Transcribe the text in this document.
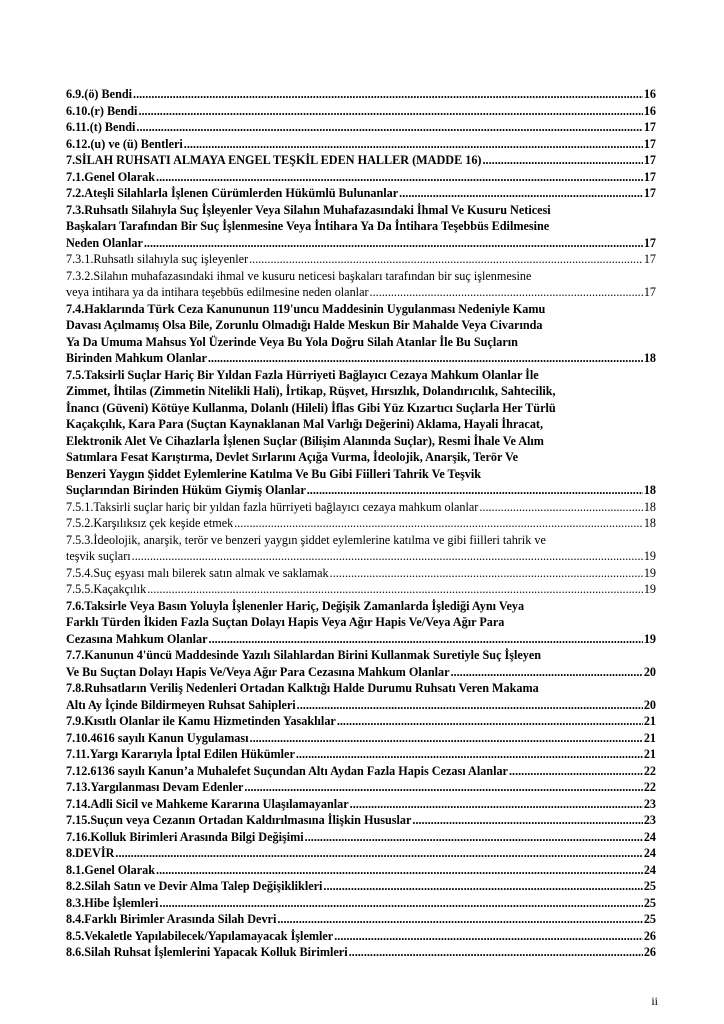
6.9.(ö) Bendi .....	16
6.10.(r) Bendi .....	16
6.11.(t) Bendi .....	17
6.12.(u) ve (ü) Bentleri .....	17
7.SİLAH RUHSATI ALMAYA ENGEL TEŞKİL EDEN HALLER (MADDE 16) .....	17
7.1.Genel Olarak .....	17
7.2.Ateşli Silahlarla İşlenen Cürümlerden Hükümlü Bulunanlar .....	17
7.3.Ruhsatlı Silahıyla Suç İşleyenler Veya Silahın Muhafazasındaki İhmal Ve Kusuru Neticesi
Başkaları Tarafından Bir Suç İşlenmesine Veya İntihara Ya Da İntihara Teşebbüs Edilmesine
Neden Olanlar .....	17
7.3.1.Ruhsatlı silahıyla suç işleyenler .....	17
7.3.2.Silahın muhafazasındaki ihmal ve kusuru neticesi başkaları tarafından bir suç işlenmesine
veya intihara ya da intihara teşebbüs edilmesine neden olanlar .....	17
7.4.Haklarında Türk Ceza Kanununun 119'uncu Maddesinin Uygulanması Nedeniyle Kamu
Davası Açılmamış Olsa Bile, Zorunlu Olmadığı Halde Meskun Bir Mahalde Veya Civarında
Ya Da Umuma Mahsus Yol Üzerinde Veya Bu Yola Doğru Silah Atanlar İle Bu Suçların
Birinden Mahkum Olanlar .....	18
7.5.Taksirli Suçlar Hariç Bir Yıldan Fazla Hürriyeti Bağlayıcı Cezaya Mahkum Olanlar İle
Zimmet, İhtilas (Zimmetin Nitelikli Hali), İrtikap, Rüşvet, Hırsızlık, Dolandırıcılık, Sahtecilik,
İnancı (Güveni) Kötüye Kullanma, Dolanlı (Hileli) İflas Gibi Yüz Kızartıcı Suçlarla Her Türlü
Kaçakçılık, Kara Para (Suçtan Kaynaklanan Mal Varlığı Değerini) Aklama, Hayali İhracat,
Elektronik Alet Ve Cihazlarla İşlenen Suçlar (Bilişim Alanında Suçlar), Resmi İhale Ve Alım
Satımlara Fesat Karıştırma, Devlet Sırlarını Açığa Vurma, İdeolojik, Anarşik, Terör Ve
Benzeri Yaygın Şiddet Eylemlerine Katılma Ve Bu Gibi Fiilleri Tahrik Ve Teşvik
Suçlarından Birinden Hüküm Giymiş Olanlar .....	18
7.5.1.Taksirli suçlar hariç bir yıldan fazla hürriyeti bağlayıcı cezaya mahkum olanlar .....	18
7.5.2.Karşılıksız çek keşide etmek .....	18
7.5.3.İdeolojik, anarşik, terör ve benzeri yaygın şiddet eylemlerine katılma ve gibi fiilleri tahrik ve
teşvik suçları .....	19
7.5.4.Suç eşyası malı bilerek satın almak ve saklamak .....	19
7.5.5.Kaçakçılık .....	19
7.6.Taksirle Veya Basın Yoluyla İşlenenler Hariç, Değişik Zamanlarda İşlediği Aynı Veya
Farklı Türden İkiden Fazla Suçtan Dolayı Hapis Veya Ağır Hapis Ve/Veya Ağır Para
Cezasına Mahkum Olanlar .....	19
7.7.Kanunun 4'üncü Maddesinde Yazılı Silahlardan Birini Kullanmak Suretiyle Suç İşleyen
Ve Bu Suçtan Dolayı Hapis Ve/Veya Ağır Para Cezasına Mahkum Olanlar .....	20
7.8.Ruhsatların Veriliş Nedenleri Ortadan Kalktığı Halde Durumu Ruhsatı Veren Makama
Altı Ay İçinde Bildirmeyen Ruhsat Sahipleri .....	20
7.9.Kısıtlı Olanlar ile Kamu Hizmetinden Yasaklılar .....	21
7.10.4616 sayılı Kanun Uygulaması .....	21
7.11.Yargı Kararıyla İptal Edilen Hükümler .....	21
7.12.6136 sayılı Kanun’a Muhalefet Suçundan Altı Aydan Fazla Hapis Cezası Alanlar .....	22
7.13.Yargılanması Devam Edenler .....	22
7.14.Adli Sicil ve Mahkeme Kararına Ulaşılamayanlar .....	23
7.15.Suçun veya Cezanın Ortadan Kaldırılmasına İlişkin Hususlar .....	23
7.16.Kolluk Birimleri Arasında Bilgi Değişimi .....	24
8.DEVİR .....	24
8.1.Genel Olarak .....	24
8.2.Silah Satın ve Devir Alma Talep Değişiklikleri .....	25
8.3.Hibe İşlemleri .....	25
8.4.Farklı Birimler Arasında Silah Devri .....	25
8.5.Vekaletle Yapılabilecek/Yapılamayacak İşlemler .....	26
8.6.Silah Ruhsat İşlemlerini Yapacak Kolluk Birimleri .....	26
ii
